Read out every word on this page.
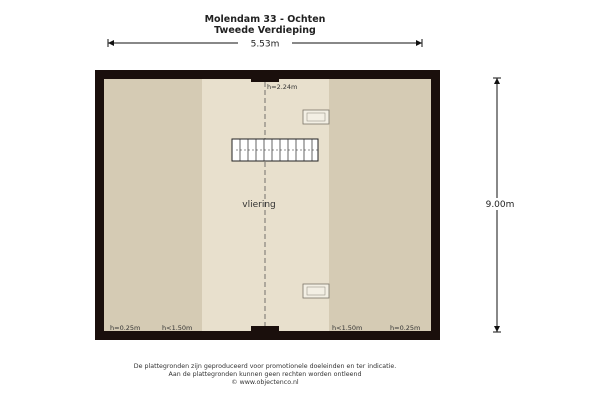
Molendam 33 - Ochten
Tweede Verdieping
5.53m
9.00m
h=2.24m
vliering
h=0.25m	h<1.50m	h<1.50m	h=0.25m
De plattegronden zijn geproduceerd voor promotionele doeleinden en ter indicatie.
Aan de plattegronden kunnen geen rechten worden ontleend
© www.objectenco.nl
